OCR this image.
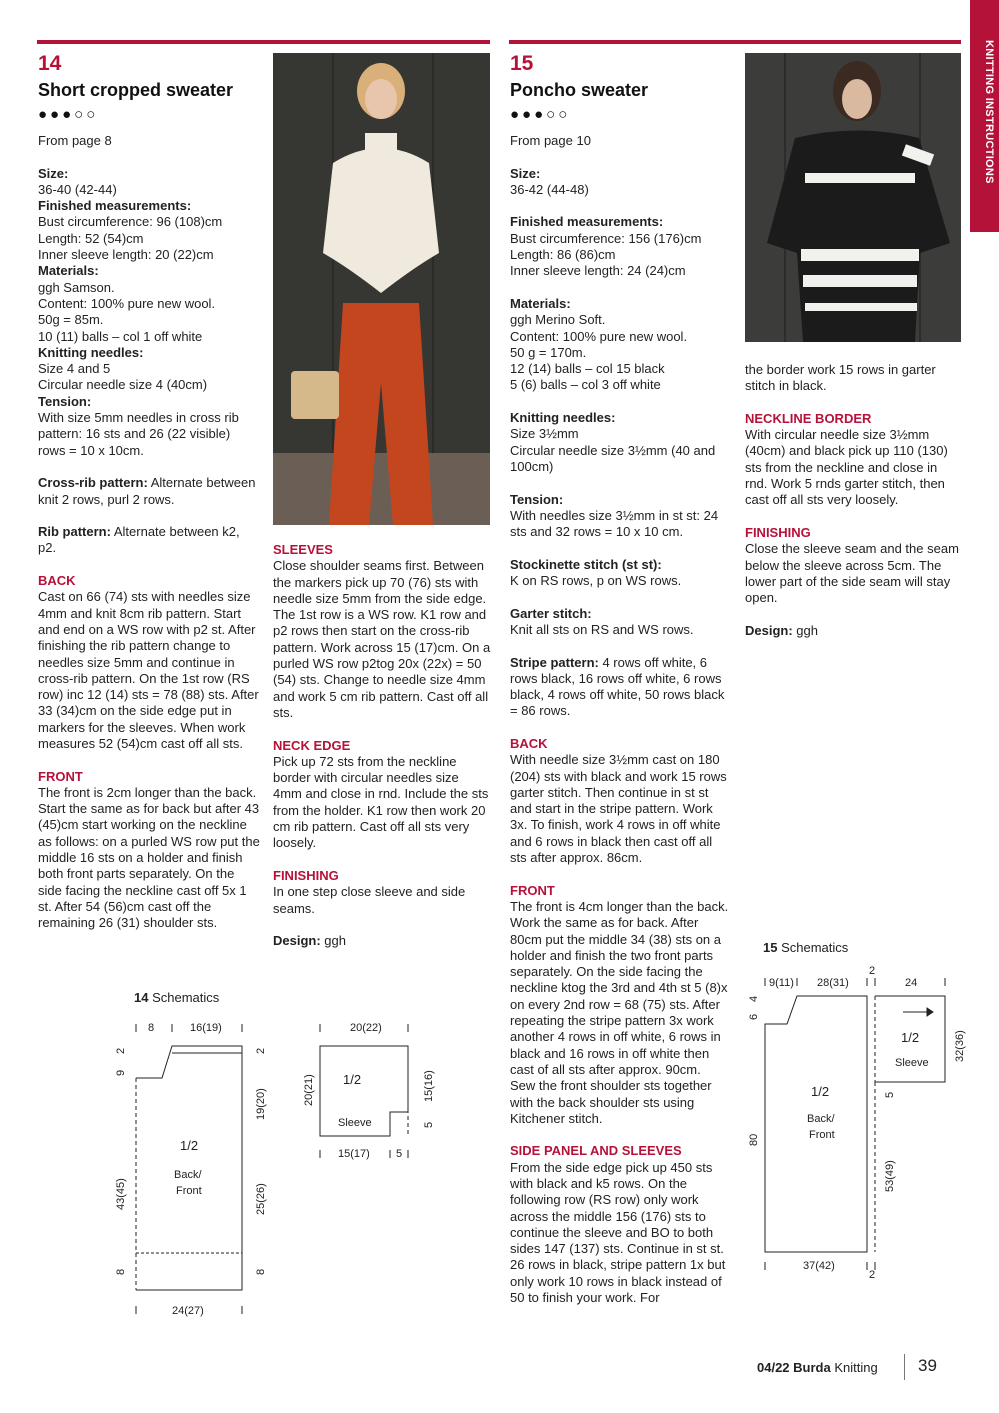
KNITTING INSTRUCTIONS
14
Short cropped sweater
●●●○○

From page 8

Size:
36-40 (42-44)
Finished measurements:
Bust circumference: 96 (108)cm
Length: 52 (54)cm
Inner sleeve length: 20 (22)cm
Materials:
ggh Samson.
Content: 100% pure new wool.
50g = 85m.
10 (11) balls – col 1 off white
Knitting needles:
Size 4 and 5
Circular needle size 4 (40cm)
Tension:

With size 5mm needles in cross rib pattern: 16 sts and 26 (22 visible) rows = 10 x 10cm.

Cross-rib pattern: Alternate between knit 2 rows, purl 2 rows.

Rib pattern: Alternate between k2, p2.

BACK

Cast on 66 (74) sts with needles size 4mm and knit 8cm rib pattern. Start and end on a WS row with p2 st. After finishing the rib pattern change to needles size 5mm and continue in cross-rib pattern. On the 1st row (RS row) inc 12 (14) sts = 78 (88) sts. After 33 (34)cm on the side edge put in markers for the sleeves. When work measures 52 (54)cm cast off all sts.

FRONT

The front is 2cm longer than the back. Start the same as for back but after 43 (45)cm start working on the neckline as follows: on a purled WS row put the middle 16 sts on a holder and finish both front parts separately. On the side facing the neckline cast off 5x 1 st. After 54 (56)cm cast off the remaining 26 (31) shoulder sts.

SLEEVES

Close shoulder seams first. Between the markers pick up 70 (76) sts with needle size 5mm from the side edge. The 1st row is a WS row. K1 row and p2 rows then start on the cross-rib pattern. Work across 15 (17)cm. On a purled WS row p2tog 20x (22x) = 50 (54) sts. Change to needle size 4mm and work 5 cm rib pattern. Cast off all sts.

NECK EDGE

Pick up 72 sts from the neckline border with circular needles size 4mm and close in rnd. Include the sts from the holder. K1 row then work 20 cm rib pattern. Cast off all sts very loosely.

FINISHING

In one step close sleeve and side seams.

Design: ggh

14 Schematics
8	16(19)
9
2
43(45)
8
2
19(20)
25(26)
8
24(27)
1/2
Back/
Front
20(22)
20(21)	15(16)
5
15(17) 5
1/2
Sleeve
15
Poncho sweater
●●●○○

From page 10

Size:

36-42 (44-48)

Finished measurements:
Bust circumference: 156 (176)cm
Length: 86 (86)cm

Inner sleeve length: 24 (24)cm

Materials:
ggh Merino Soft.
Content: 100% pure new wool.
50 g = 170m.
12 (14) balls – col 15 black

5 (6) balls – col 3 off white

Knitting needles:
Size 3½mm

Circular needle size 3½mm (40 and 100cm)

Tension:

With needles size 3½mm in st st: 24 sts and 32 rows = 10 x 10 cm.

Stockinette stitch (st st):

K on RS rows, p on WS rows.

Garter stitch:

Knit all sts on RS and WS rows.

Stripe pattern: 4 rows off white, 6 rows black, 16 rows off white, 6 rows black, 4 rows off white, 50 rows black = 86 rows.

BACK

With needle size 3½mm cast on 180 (204) sts with black and work 15 rows garter stitch. Then continue in st st and start in the stripe pattern. Work 3x. To finish, work 4 rows in off white and 6 rows in black then cast off all sts after approx. 86cm.

FRONT
The front is 4cm longer than the back. Work the same as for back. After 80cm put the middle 34 (38) sts on a holder and finish the two front parts separately. On the side facing the neckline ktog the 3rd and 4th st 5 (8)x on every 2nd row = 68 (75) sts. After repeating the stripe pattern 3x work another 4 rows in off white, 6 rows in black and 16 rows in off white then cast of all sts after approx. 90cm.

Sew the front shoulder sts together with the back shoulder sts using Kitchener stitch.

SIDE PANEL AND SLEEVES
From the side edge pick up 450 sts with black and k5 rows. On the following row (RS row) only work across the middle 156 (176) sts to continue the sleeve and BO to both sides 147 (137) sts. Continue in st st. 26 rows in black, stripe pattern 1x but only work 10 rows in black instead of 50 to finish your work. For

the border work 15 rows in garter stitch in black.

NECKLINE BORDER

With circular needle size 3½mm (40cm) and black pick up 110 (130) sts from the neckline and close in rnd. Work 5 rnds garter stitch, then cast off all sts very loosely.

FINISHING

Close the sleeve seam and the seam below the sleeve across 5cm. The lower part of the side seam will stay open.

Design: ggh

15 Schematics
9(11) 28(31)
2
24
6
4
80
32(36)
5
53(49)
37(42)
2
1/2
Back/
Front
1/2
Sleeve
04/22 Burda Knitting 39
